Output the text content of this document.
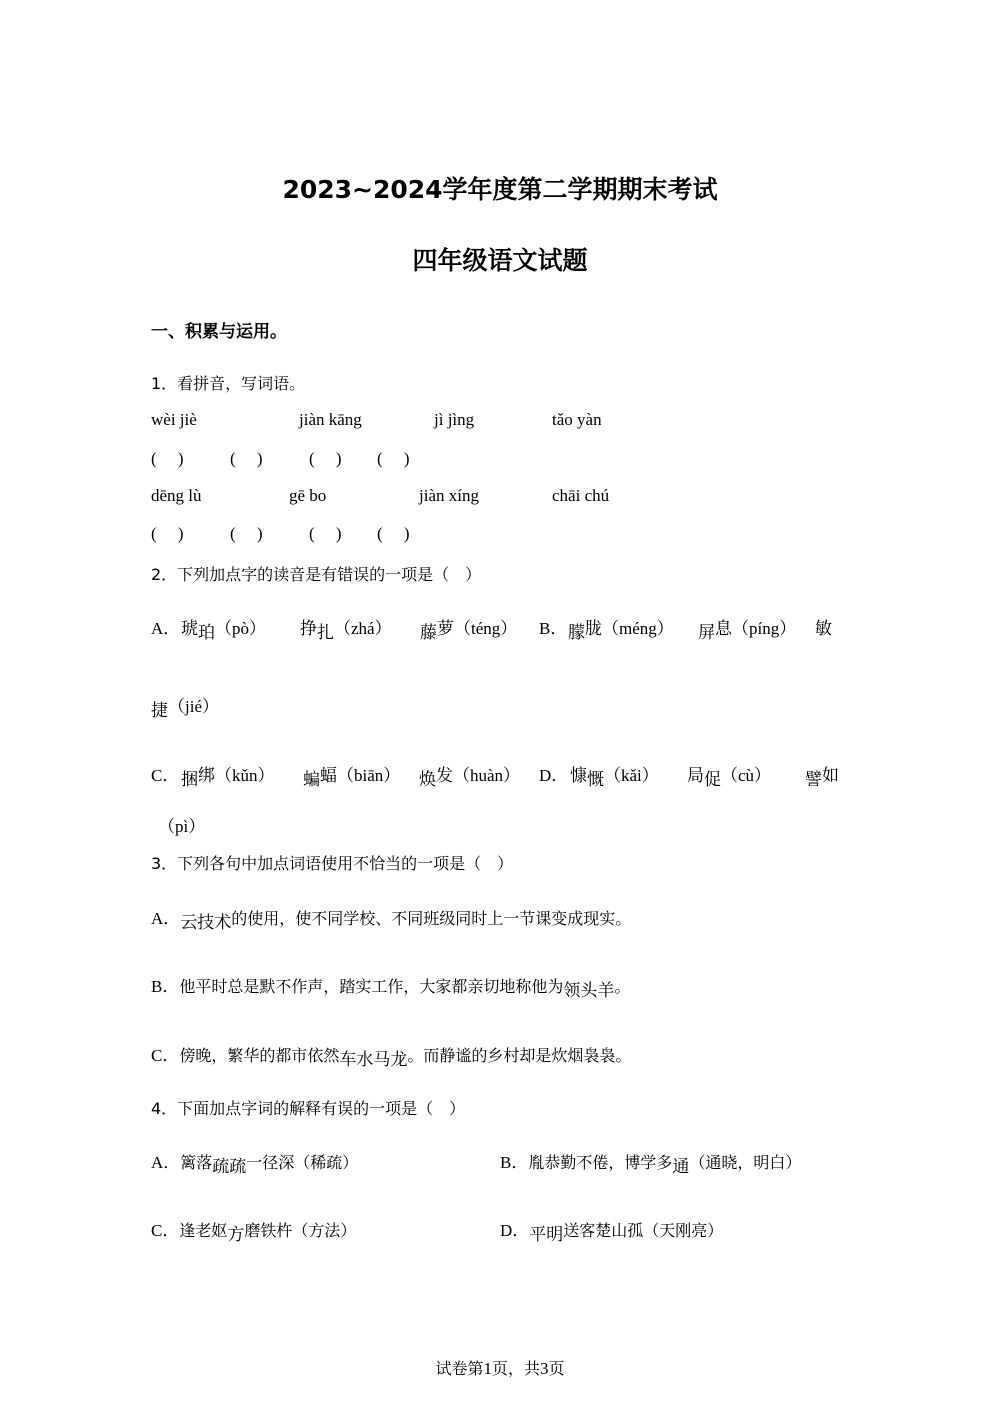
2023~2024学年度第二学期期末考试
四年级语文试题
一、积累与运用。
1．看拼音，写词语。
wèi jiè	jiàn kāng	jì jìng	tǎo yàn
(     )	(     )	(     ) (     )
dēng lù	gē bo	jiàn xíng	chāi chú
(     )	(     )	(     ) (     )
2．下列加点字的读音是有错误的一项是（　）
A． 琥珀（pò） 挣扎（zhá） 藤萝（téng） B． 朦胧（méng） 屏息（píng） 敏
捷（jié）
C． 捆绑（kǔn） 蝙蝠（biān） 焕发（huàn） D． 慷慨（kǎi） 局促（cù） 譬如
（pì）
3．下列各句中加点词语使用不恰当的一项是（　）
A．云技术的使用，使不同学校、不同班级同时上一节课变成现实。
B．他平时总是默不作声，踏实工作，大家都亲切地称他为领头羊。
C．傍晚，繁华的都市依然车水马龙。而静谧的乡村却是炊烟袅袅。
4．下面加点字词的解释有误的一项是（　）
A．篱落疏疏一径深（稀疏）	B．胤恭勤不倦，博学多通（通晓，明白）
C．逢老妪方磨铁杵（方法）	D．平明送客楚山孤（天刚亮）
试卷第1页，共3页
